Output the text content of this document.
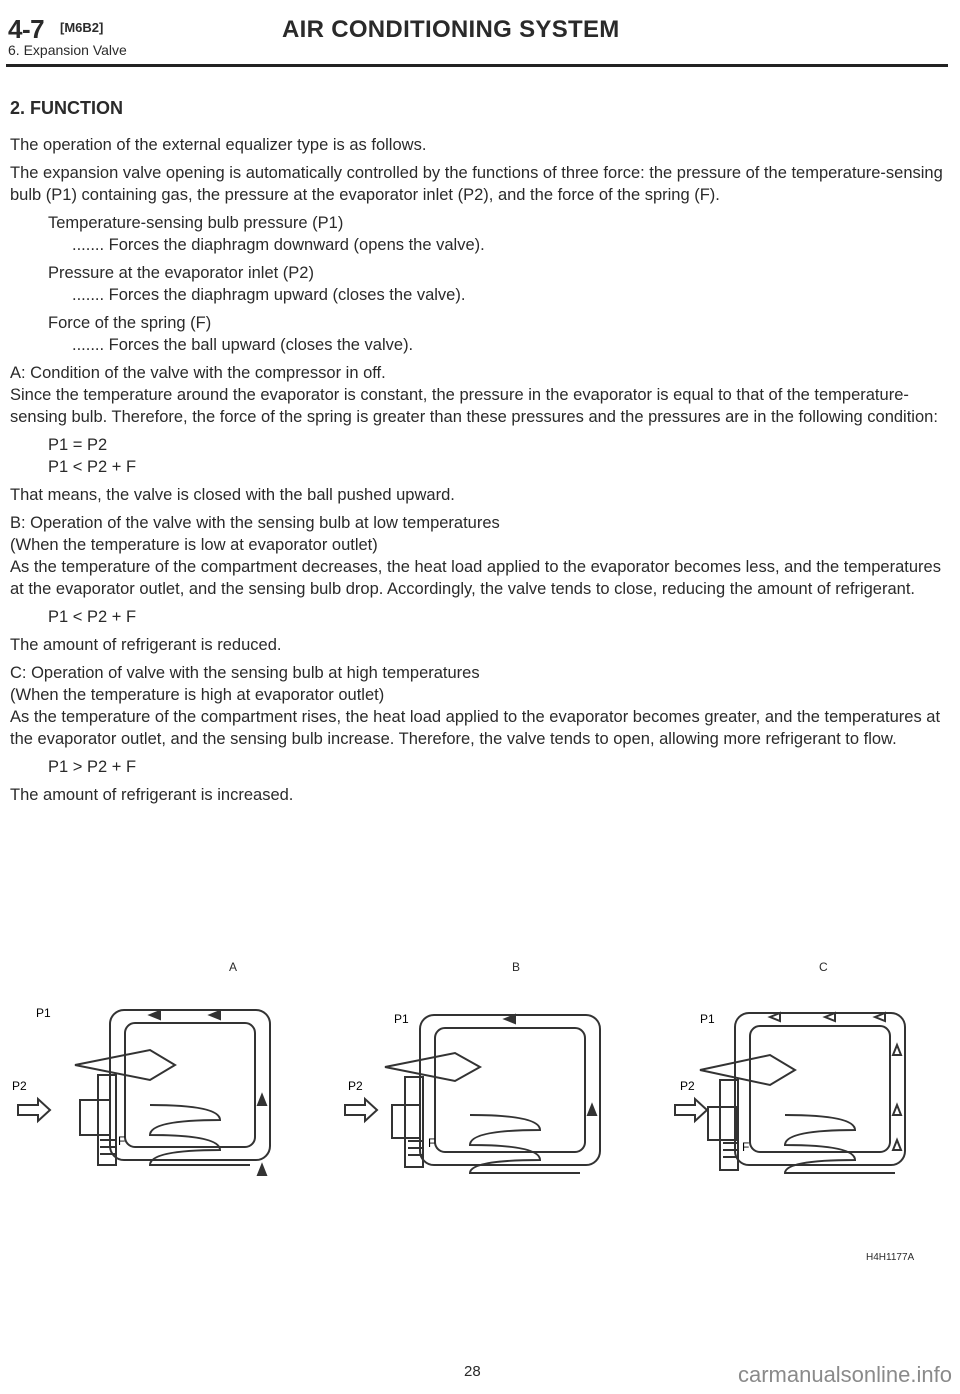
4-7 [M6B2]	AIR CONDITIONING SYSTEM
6. Expansion Valve
2. FUNCTION

The operation of the external equalizer type is as follows.

The expansion valve opening is automatically controlled by the functions of three force: the pressure of the temperature-sensing bulb (P1) containing gas, the pressure at the evaporator inlet (P2), and the force of the spring (F).

Temperature-sensing bulb pressure (P1)

....... Forces the diaphragm downward (opens the valve).

Pressure at the evaporator inlet (P2)

....... Forces the diaphragm upward (closes the valve).

Force of the spring (F)

....... Forces the ball upward (closes the valve).

A: Condition of the valve with the compressor in off.

Since the temperature around the evaporator is constant, the pressure in the evaporator is equal to that of the temperature-sensing bulb. Therefore, the force of the spring is greater than these pressures and the pressures are in the following condition:

P1 = P2

P1 < P2 + F

That means, the valve is closed with the ball pushed upward.

B: Operation of the valve with the sensing bulb at low temperatures

(When the temperature is low at evaporator outlet)

As the temperature of the compartment decreases, the heat load applied to the evaporator becomes less, and the temperatures at the evaporator outlet, and the sensing bulb drop. Accordingly, the valve tends to close, reducing the amount of refrigerant.

P1 < P2 + F

The amount of refrigerant is reduced.

C: Operation of valve with the sensing bulb at high temperatures

(When the temperature is high at evaporator outlet)

As the temperature of the compartment rises, the heat load applied to the evaporator becomes greater, and the temperatures at the evaporator outlet, and the sensing bulb increase. Therefore, the valve tends to open, allowing more refrigerant to flow.

P1 > P2 + F

The amount of refrigerant is increased.

A	B	C
P1
P2
F
P1
P2
F
P1
P2
F
H4H1177A
28	carmanualsonline.info
